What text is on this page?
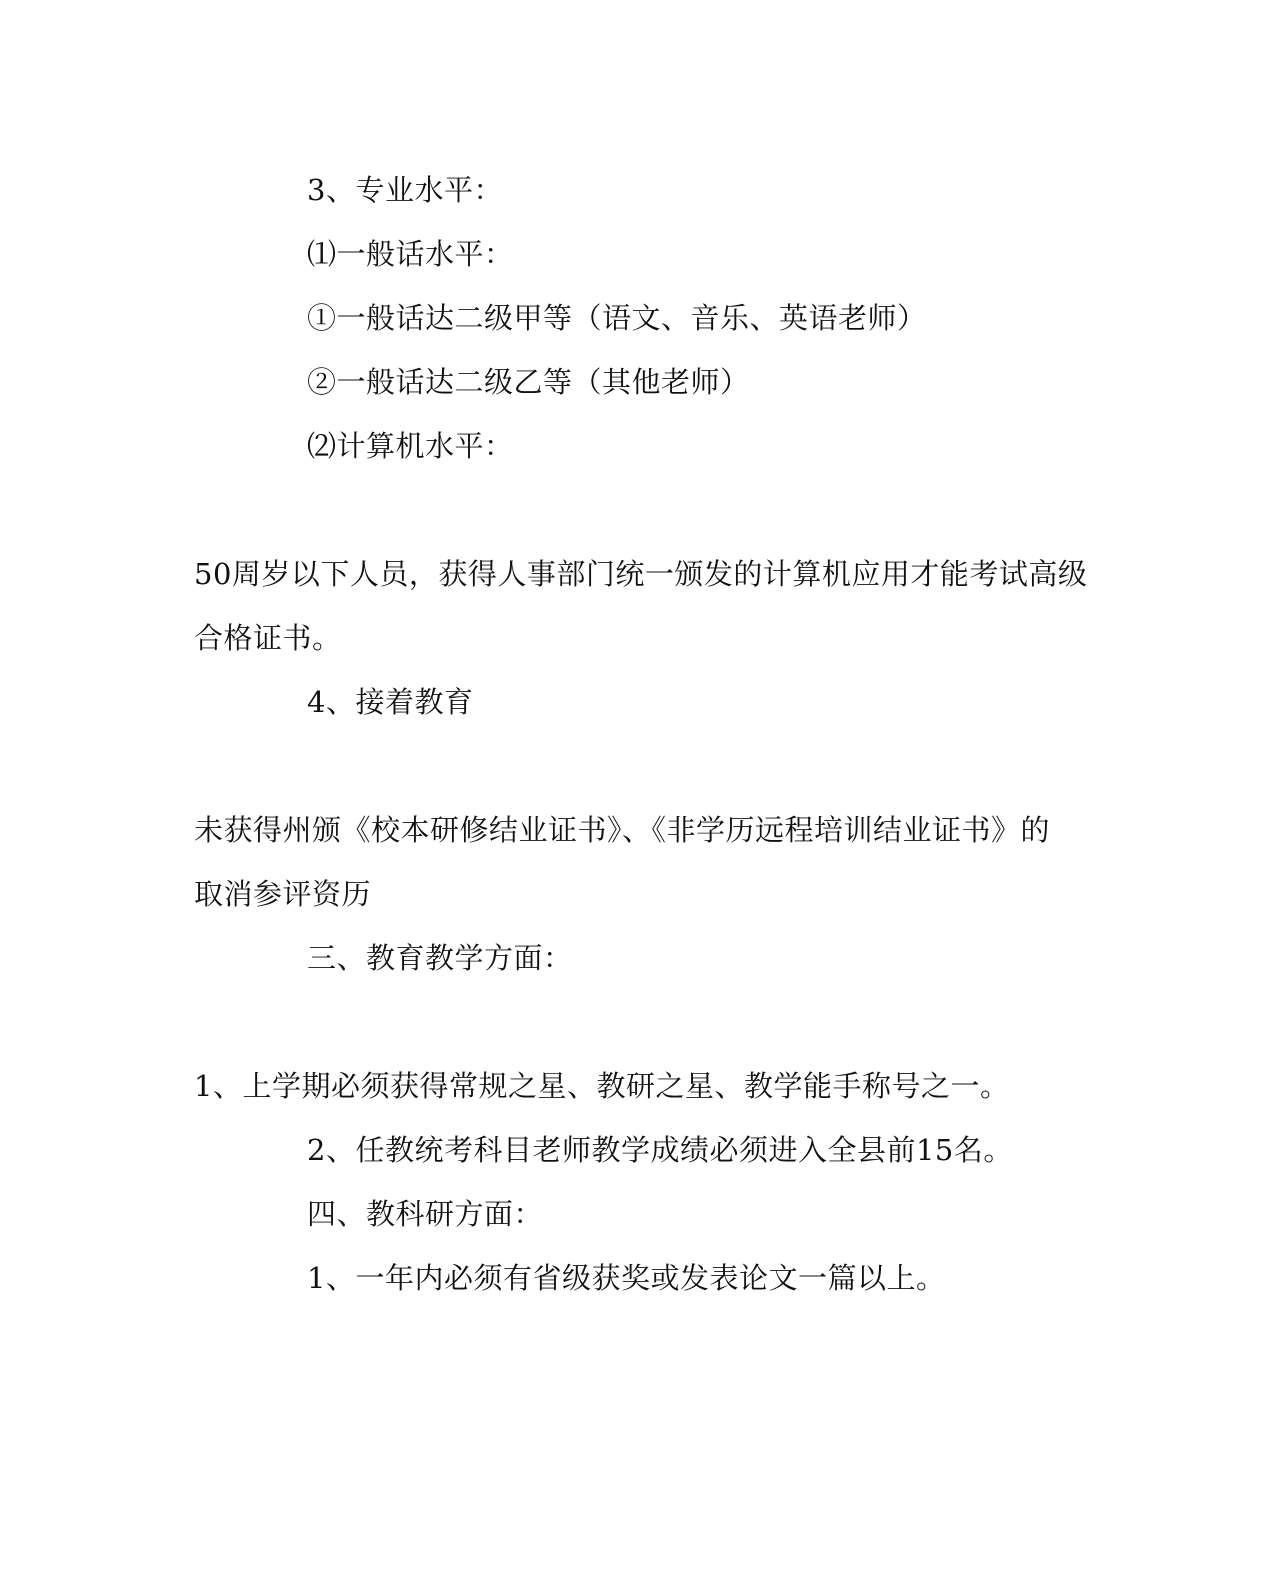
3、专业水平：

⑴一般话水平：

①一般话达二级甲等（语文、音乐、英语老师）

②一般话达二级乙等（其他老师）

⑵计算机水平：

50周岁以下人员，获得人事部门统一颁发的计算机应用才能考试高级

合格证书。

4、接着教育

未获得州颁《校本研修结业证书》、《非学历远程培训结业证书》的

取消参评资历

三、教育教学方面：

1、上学期必须获得常规之星、教研之星、教学能手称号之一。

2、任教统考科目老师教学成绩必须进入全县前15名。

四、教科研方面：

1、一年内必须有省级获奖或发表论文一篇以上。
